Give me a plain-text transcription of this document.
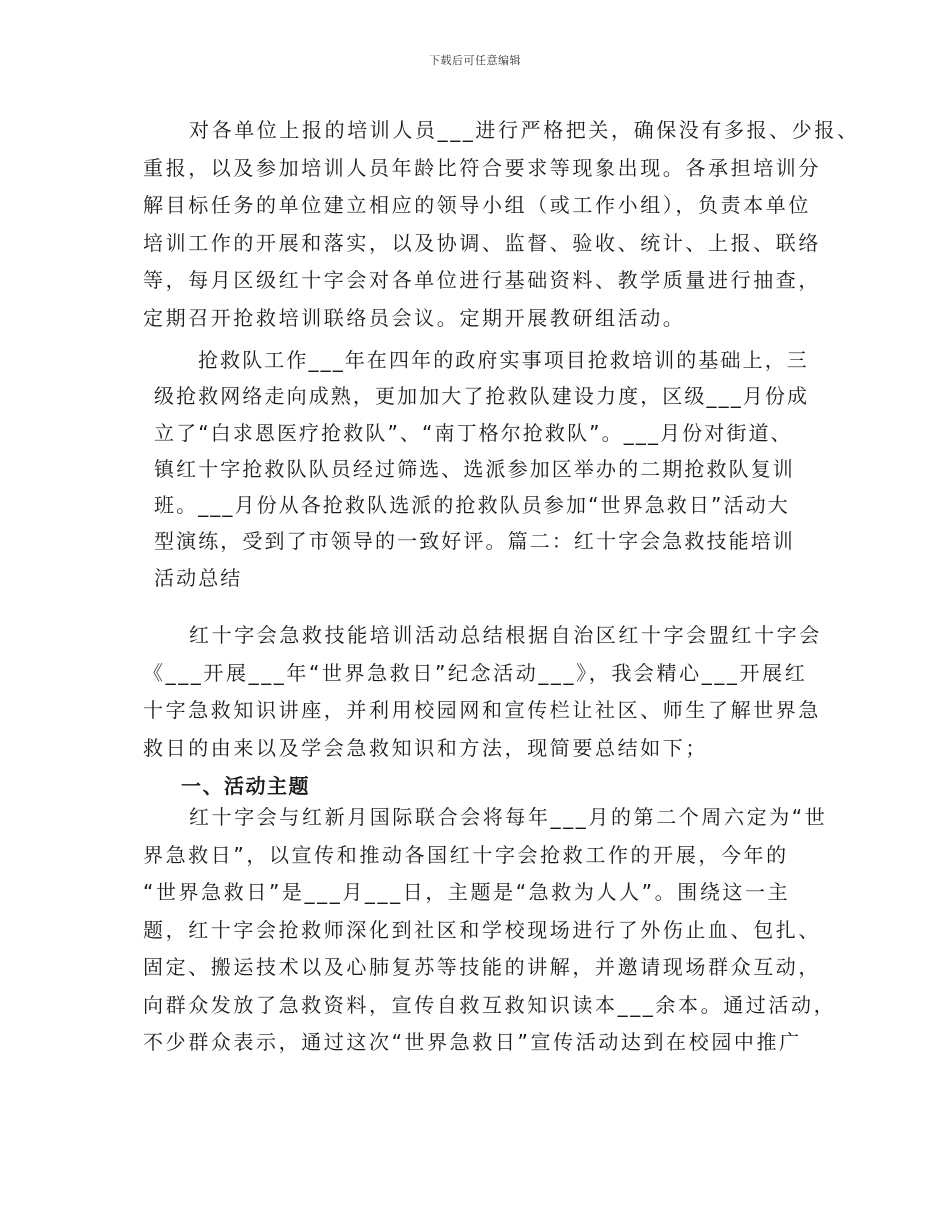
下载后可任意编辑
对各单位上报的培训人员___进行严格把关，确保没有多报、少报、
重报，以及参加培训人员年龄比符合要求等现象出现。各承担培训分
解目标任务的单位建立相应的领导小组（或工作小组），负责本单位
培训工作的开展和落实，以及协调、监督、验收、统计、上报、联络
等，每月区级红十字会对各单位进行基础资料、教学质量进行抽查，
定期召开抢救培训联络员会议。定期开展教研组活动。
抢救队工作___年在四年的政府实事项目抢救培训的基础上，三
级抢救网络走向成熟，更加加大了抢救队建设力度，区级___月份成
立了“白求恩医疗抢救队”、“南丁格尔抢救队”。___月份对街道、
镇红十字抢救队队员经过筛选、选派参加区举办的二期抢救队复训
班。___月份从各抢救队选派的抢救队员参加“世界急救日”活动大
型演练，受到了市领导的一致好评。篇二：红十字会急救技能培训
活动总结
红十字会急救技能培训活动总结根据自治区红十字会盟红十字会
《___开展___年“世界急救日”纪念活动___》，我会精心___开展红
十字急救知识讲座，并利用校园网和宣传栏让社区、师生了解世界急
救日的由来以及学会急救知识和方法，现简要总结如下；
一、活动主题
红十字会与红新月国际联合会将每年___月的第二个周六定为“世
界急救日”，以宣传和推动各国红十字会抢救工作的开展，今年的
“世界急救日”是___月___日，主题是“急救为人人”。围绕这一主
题，红十字会抢救师深化到社区和学校现场进行了外伤止血、包扎、
固定、搬运技术以及心肺复苏等技能的讲解，并邀请现场群众互动，
向群众发放了急救资料，宣传自救互救知识读本___余本。通过活动，
不少群众表示，通过这次“世界急救日”宣传活动达到在校园中推广
